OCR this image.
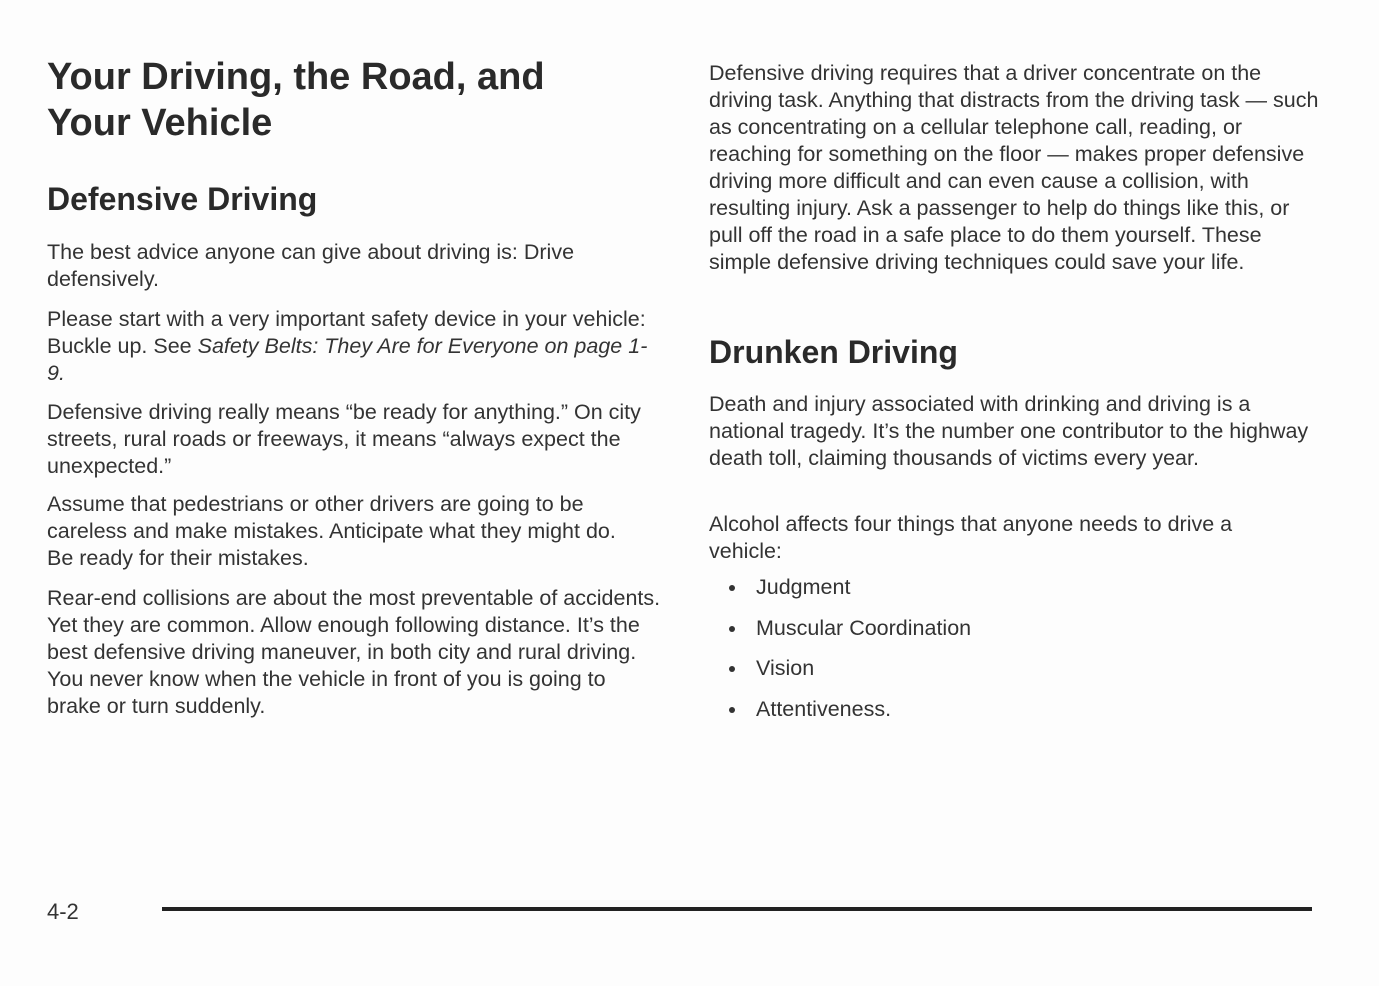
Your Driving, the Road, and
Your Vehicle
Defensive Driving

The best advice anyone can give about driving is: Drive defensively.

Please start with a very important safety device in your vehicle: Buckle up. See Safety Belts: They Are for Everyone on page 1-9.

Defensive driving really means “be ready for anything.” On city streets, rural roads or freeways, it means “always expect the unexpected.”

Assume that pedestrians or other drivers are going to be careless and make mistakes. Anticipate what they might do. Be ready for their mistakes.

Rear-end collisions are about the most preventable of accidents. Yet they are common. Allow enough following distance. It’s the best defensive driving maneuver, in both city and rural driving. You never know when the vehicle in front of you is going to brake or turn suddenly.

Defensive driving requires that a driver concentrate on the driving task. Anything that distracts from the driving task — such as concentrating on a cellular telephone call, reading, or reaching for something on the floor — makes proper defensive driving more difficult and can even cause a collision, with resulting injury. Ask a passenger to help do things like this, or pull off the road in a safe place to do them yourself. These simple defensive driving techniques could save your life.

Drunken Driving

Death and injury associated with drinking and driving is a national tragedy. It’s the number one contributor to the highway death toll, claiming thousands of victims every year.

Alcohol affects four things that anyone needs to drive a vehicle:

Judgment
Muscular Coordination
Vision
Attentiveness.
4-2
